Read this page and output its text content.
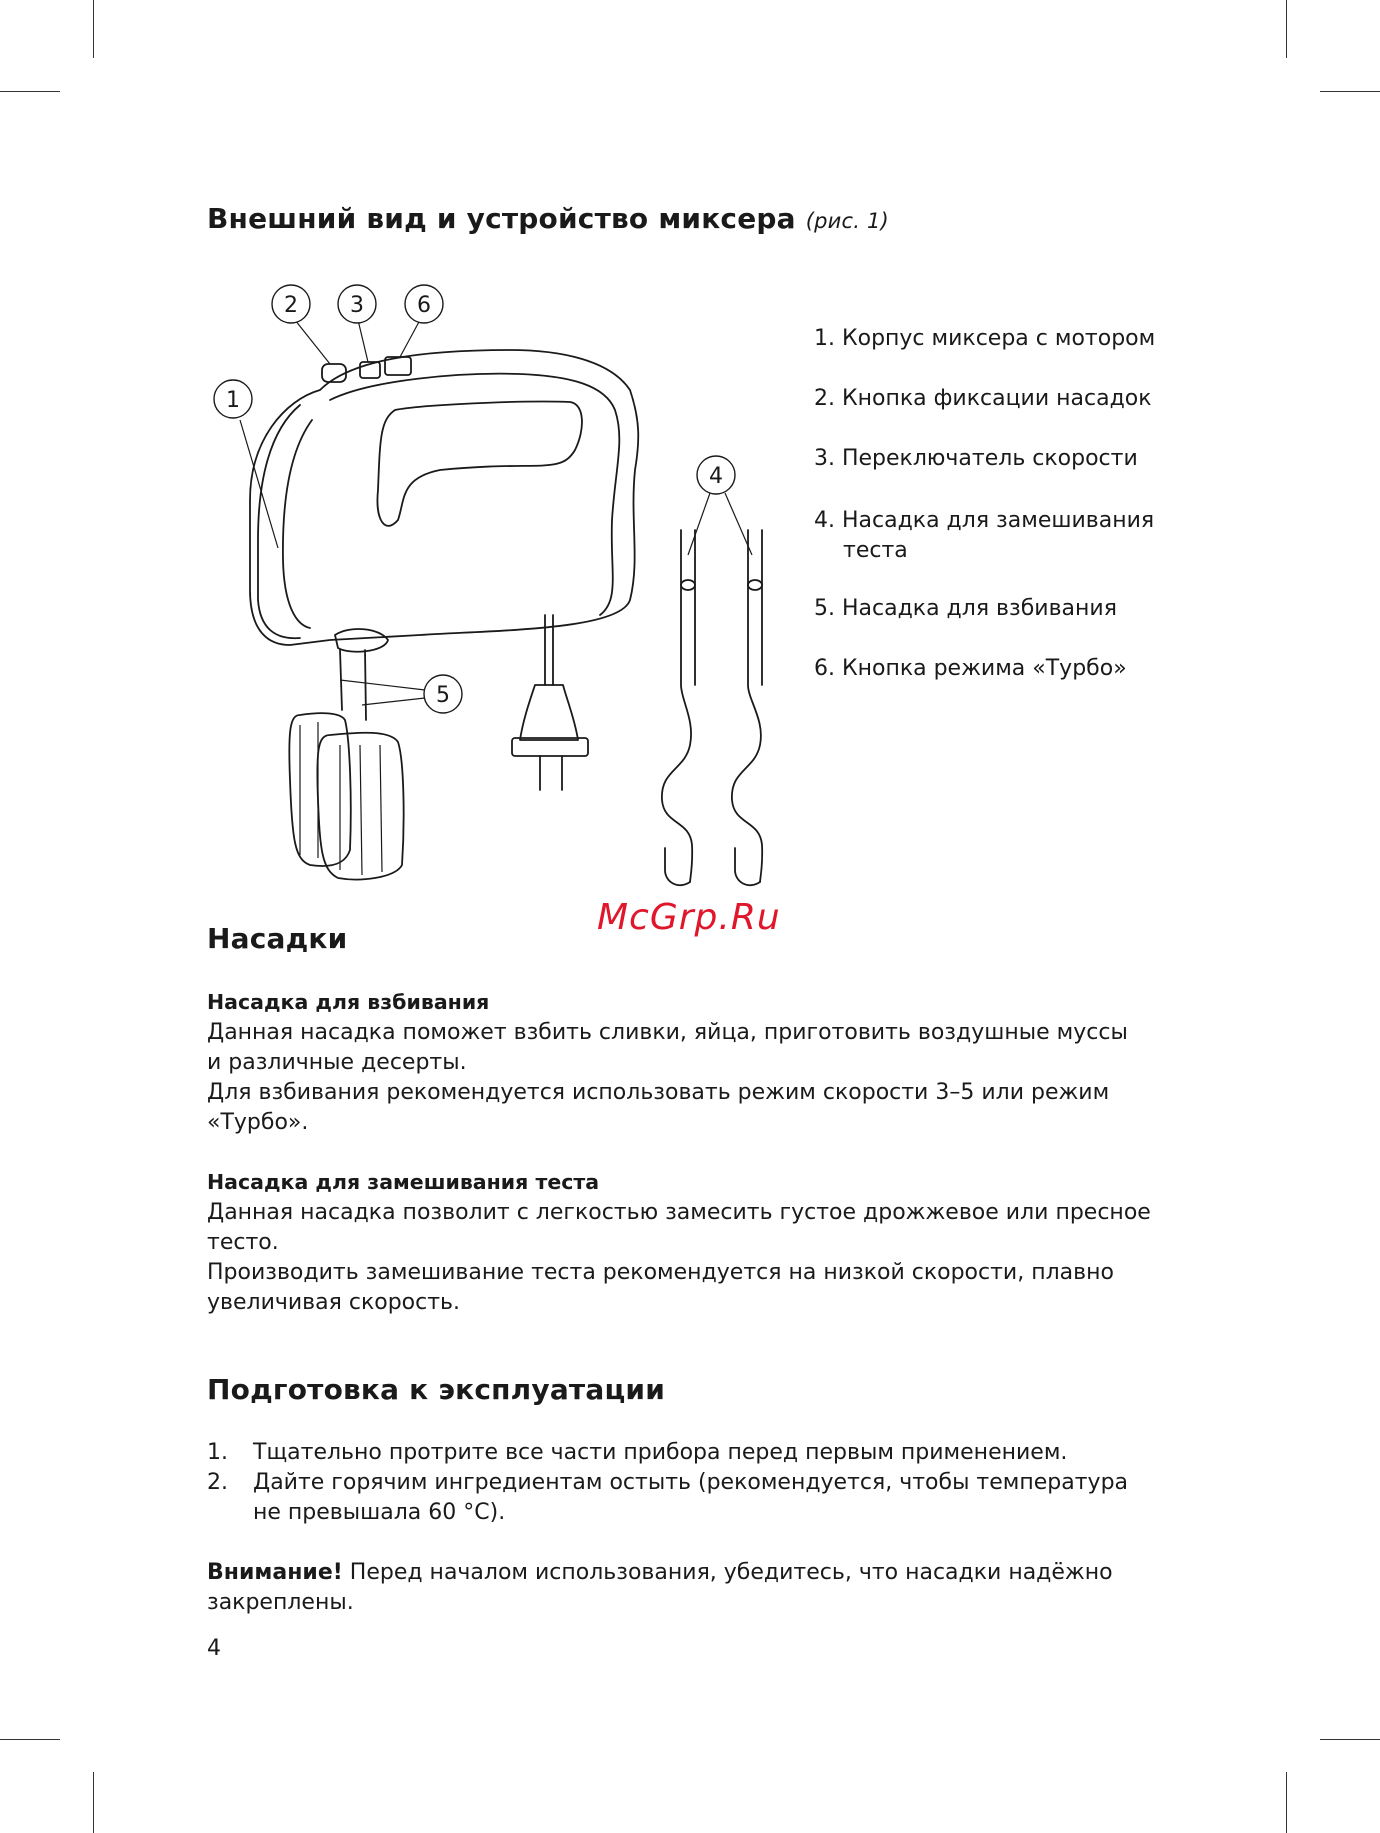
Внешний вид и устройство миксера (рис. 1)
1
2 3
4
5
6
1. Корпус миксера с мотором
2. Кнопка фиксации насадок
3. Переключатель скорости
4. Насадка для замешивания
теста
5. Насадка для взбивания
6. Кнопка режима «Турбо»
McGrp.Ru
Насадки
Насадка для взбивания
Данная насадка поможет взбить сливки, яйца, приготовить воздушные муссы
и различные десерты.
Для взбивания рекомендуется использовать режим скорости 3–5 или режим
«Турбо».
Насадка для замешивания теста
Данная насадка позволит с легкостью замесить густое дрожжевое или пресное
тесто.
Производить замешивание теста рекомендуется на низкой скорости, плавно
увеличивая скорость.
Подготовка к эксплуатации
1. Тщательно протрите все части прибора перед первым применением.
2. Дайте горячим ингредиентам остыть (рекомендуется, чтобы температура
не превышала 60 °C).
Внимание! Перед началом использования, убедитесь, что насадки надёжно
закреплены.
4
